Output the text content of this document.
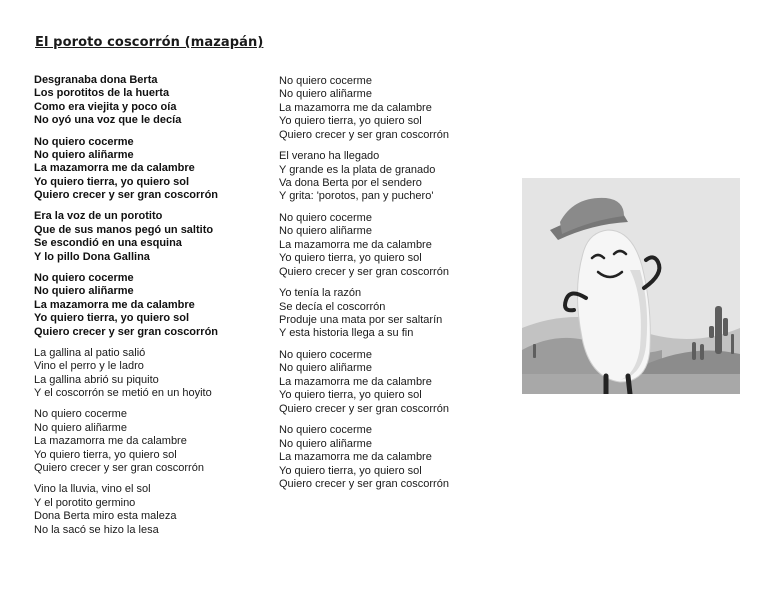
El poroto coscorrón (mazapán)
Desgranaba dona Berta
Los porotitos de la huerta
Como era viejita y poco oía
No oyó una voz que le decía
No quiero cocerme
No quiero aliñarme
La mazamorra me da calambre
Yo quiero tierra, yo quiero sol
Quiero crecer y ser gran coscorrón
Era la voz de un porotito
Que de sus manos pegó un saltito
Se escondió en una esquina
Y lo pillo Dona Gallina
No quiero cocerme
No quiero aliñarme
La mazamorra me da calambre
Yo quiero tierra, yo quiero sol
Quiero crecer y ser gran coscorrón
La gallina al patio salió
Vino el perro y le ladro
La gallina abrió su piquito
Y el coscorrón se metió en un hoyito
No quiero cocerme
No quiero aliñarme
La mazamorra me da calambre
Yo quiero tierra, yo quiero sol
Quiero crecer y ser gran coscorrón
Vino la lluvia, vino el sol
Y el porotito germino
Dona Berta miro esta maleza
No la sacó se hizo la lesa
No quiero cocerme
No quiero aliñarme
La mazamorra me da calambre
Yo quiero tierra, yo quiero sol
Quiero crecer y ser gran coscorrón
El verano ha llegado
Y grande es la plata de granado
Va dona Berta por el sendero
Y grita: 'porotos, pan y puchero'
No quiero cocerme
No quiero aliñarme
La mazamorra me da calambre
Yo quiero tierra, yo quiero sol
Quiero crecer y ser gran coscorrón
Yo tenía la razón
Se decía el coscorrón
Produje una mata por ser saltarín
Y esta historia llega a su fin
No quiero cocerme
No quiero aliñarme
La mazamorra me da calambre
Yo quiero tierra, yo quiero sol
Quiero crecer y ser gran coscorrón
No quiero cocerme
No quiero aliñarme
La mazamorra me da calambre
Yo quiero tierra, yo quiero sol
Quiero crecer y ser gran coscorrón
